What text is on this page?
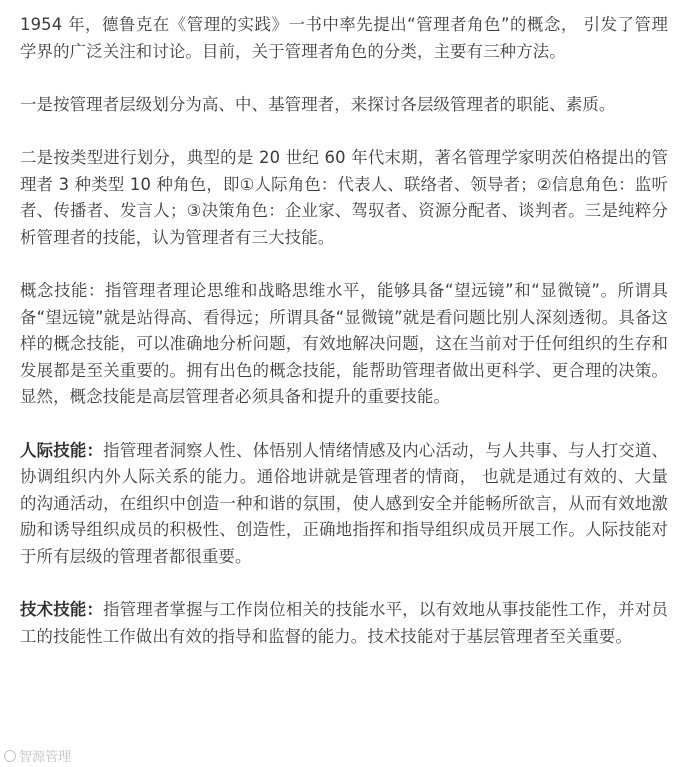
1954 年，德鲁克在《管理的实践》一书中率先提出“管理者角色”的概念， 引发了管理学界的广泛关注和讨论。目前，关于管理者角色的分类，主要有三种方法。

一是按管理者层级划分为高、中、基管理者，来探讨各层级管理者的职能、素质。

二是按类型进行划分，典型的是 20 世纪 60 年代末期，著名管理学家明茨伯格提出的管理者 3 种类型 10 种角色，即①人际角色：代表人、联络者、领导者；②信息角色：监听者、传播者、发言人；③决策角色：企业家、驾驭者、资源分配者、谈判者。三是纯粹分析管理者的技能，认为管理者有三大技能。

概念技能：指管理者理论思维和战略思维水平，能够具备“望远镜”和“显微镜”。所谓具备“望远镜”就是站得高、看得远；所谓具备“显微镜”就是看问题比别人深刻透彻。具备这样的概念技能，可以准确地分析问题，有效地解决问题，这在当前对于任何组织的生存和发展都是至关重要的。拥有出色的概念技能，能帮助管理者做出更科学、更合理的决策。显然，概念技能是高层管理者必须具备和提升的重要技能。

人际技能：指管理者洞察人性、体悟别人情绪情感及内心活动，与人共事、与人打交道、协调组织内外人际关系的能力。通俗地讲就是管理者的情商， 也就是通过有效的、大量的沟通活动，在组织中创造一种和谐的氛围，使人感到安全并能畅所欲言，从而有效地激励和诱导组织成员的积极性、创造性，正确地指挥和指导组织成员开展工作。人际技能对于所有层级的管理者都很重要。

技术技能：指管理者掌握与工作岗位相关的技能水平，以有效地从事技能性工作，并对员工的技能性工作做出有效的指导和监督的能力。技术技能对于基层管理者至关重要。

智源管理
